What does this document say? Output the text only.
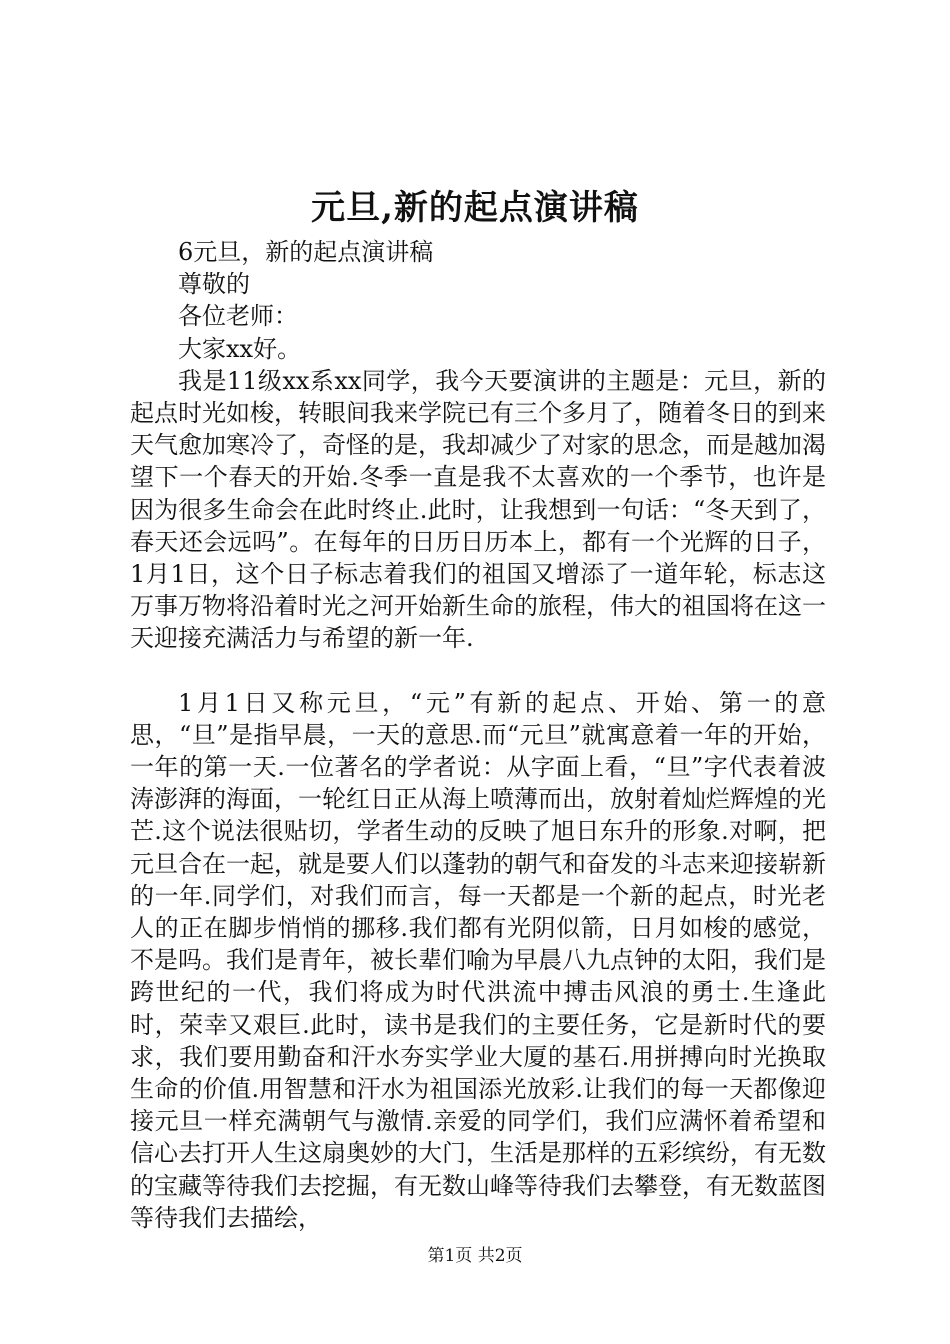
元旦,新的起点演讲稿

6元旦，新的起点演讲稿

尊敬的

各位老师：

大家xx好。

我是11级xx系xx同学，我今天要演讲的主题是：元旦，新的起点时光如梭，转眼间我来学院已有三个多月了，随着冬日的到来天气愈加寒冷了，奇怪的是，我却减少了对家的思念，而是越加渴望下一个春天的开始.冬季一直是我不太喜欢的一个季节，也许是因为很多生命会在此时终止.此时，让我想到一句话：“冬天到了，春天还会远吗”。在每年的日历日历本上，都有一个光辉的日子，1月1日，这个日子标志着我们的祖国又增添了一道年轮，标志这万事万物将沿着时光之河开始新生命的旅程，伟大的祖国将在这一天迎接充满活力与希望的新一年.

1月1日又称元旦，“元”有新的起点、开始、第一的意思，“旦”是指早晨，一天的意思.而“元旦”就寓意着一年的开始，一年的第一天.一位著名的学者说：从字面上看，“旦”字代表着波涛澎湃的海面，一轮红日正从海上喷薄而出，放射着灿烂辉煌的光芒.这个说法很贴切，学者生动的反映了旭日东升的形象.对啊，把元旦合在一起，就是要人们以蓬勃的朝气和奋发的斗志来迎接崭新的一年.同学们，对我们而言，每一天都是一个新的起点，时光老人的正在脚步悄悄的挪移.我们都有光阴似箭，日月如梭的感觉，不是吗。我们是青年，被长辈们喻为早晨八九点钟的太阳，我们是跨世纪的一代，我们将成为时代洪流中搏击风浪的勇士.生逢此时，荣幸又艰巨.此时，读书是我们的主要任务，它是新时代的要求，我们要用勤奋和汗水夯实学业大厦的基石.用拼搏向时光换取生命的价值.用智慧和汗水为祖国添光放彩.让我们的每一天都像迎接元旦一样充满朝气与激情.亲爱的同学们，我们应满怀着希望和信心去打开人生这扇奥妙的大门，生活是那样的五彩缤纷，有无数的宝藏等待我们去挖掘，有无数山峰等待我们去攀登，有无数蓝图等待我们去描绘，

第1页 共2页
